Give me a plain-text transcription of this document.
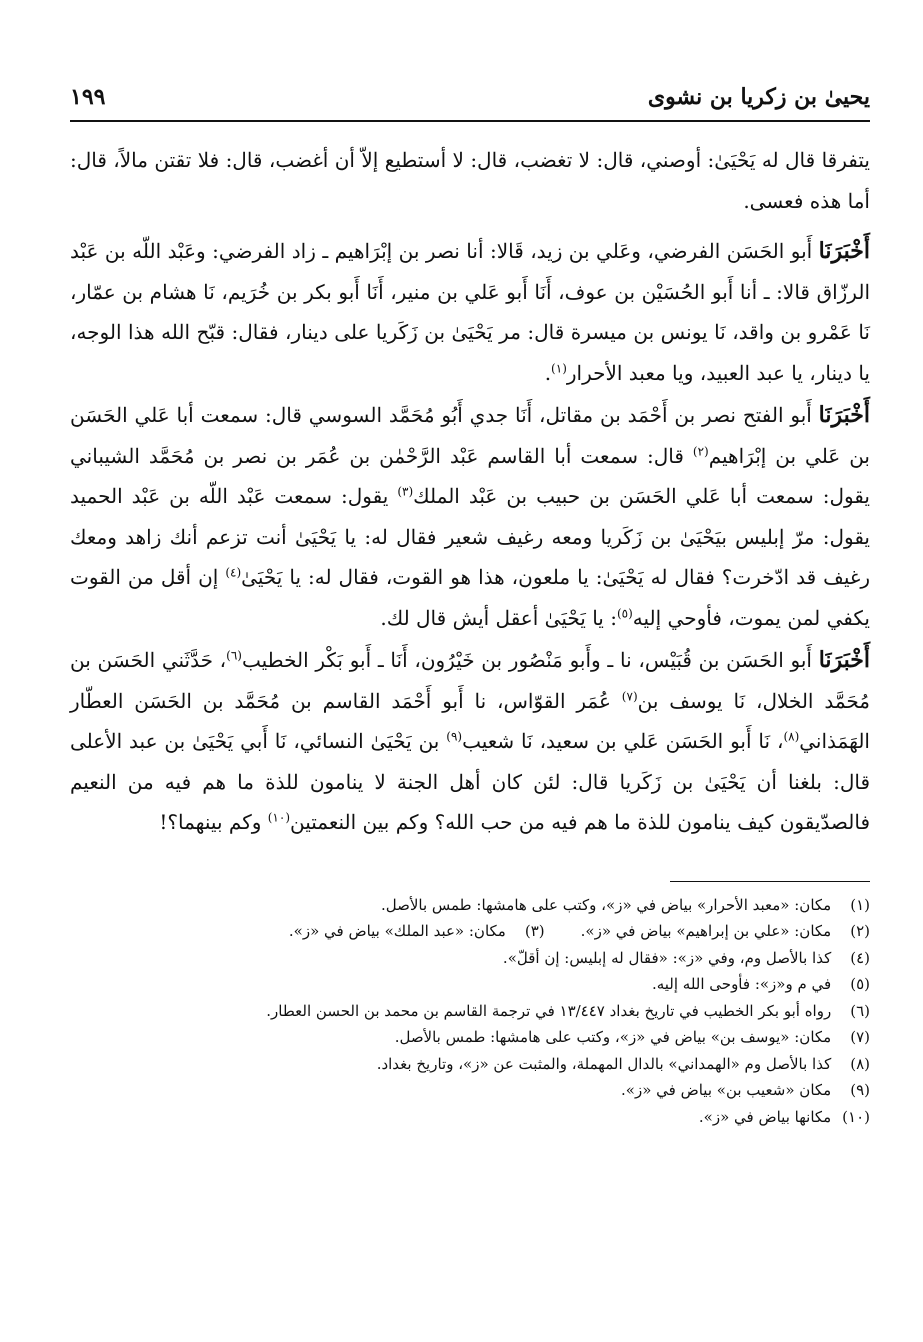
يحيىٰ بن زكريا بن نشوى
١٩٩

يتفرقا قال له يَحْيَىٰ: أوصني، قال: لا تغضب، قال: لا أستطيع إلاّ أن أغضب، قال: فلا تقتن مالاً، قال: أما هذه فعسى.

أَخْبَرَنَا أَبو الحَسَن الفرضي، وعَلي بن زيد، قَالا: أنا نصر بن إبْرَاهيم ـ زاد الفرضي: وعَبْد اللّه بن عَبْد الرزّاق قالا: ـ أنا أَبو الحُسَيْن بن عوف، أَنَا أَبو عَلي بن منير، أَنَا أَبو بكر بن خُرَيم، نَا هشام بن عمّار، نَا عَمْرو بن واقد، نَا يونس بن ميسرة قال: مر يَحْيَىٰ بن زَكَريا على دينار، فقال: قبّح الله هذا الوجه، يا دينار، يا عبد العبيد، ويا معبد الأحرار$^{(١)}$.

أَخْبَرَنَا أَبو الفتح نصر بن أَحْمَد بن مقاتل، أَنَا جدي أَبُو مُحَمَّد السوسي قال: سمعت أبا عَلي الحَسَن بن عَلي بن إبْرَاهيم$^{(٢)}$ قال: سمعت أبا القاسم عَبْد الرَّحْمٰن بن عُمَر بن نصر بن مُحَمَّد الشيباني يقول: سمعت أبا عَلي الحَسَن بن حبيب بن عَبْد الملك$^{(٣)}$ يقول: سمعت عَبْد اللّه بن عَبْد الحميد يقول: مرّ إبليس بيَحْيَىٰ بن زَكَريا ومعه رغيف شعير فقال له: يا يَحْيَىٰ أنت تزعم أنك زاهد ومعك رغيف قد ادّخرت؟ فقال له يَحْيَىٰ: يا ملعون، هذا هو القوت، فقال له: يا يَحْيَىٰ$^{(٤)}$ إن أقل من القوت يكفي لمن يموت، فأوحي إليه$^{(٥)}$: يا يَحْيَىٰ أعقل أيش قال لك.

أَخْبَرَنَا أَبو الحَسَن بن قُبَيْس، نا ـ وأَبو مَنْصُور بن خَيْرُون، أَنَا ـ أَبو بَكْر الخطيب$^{(٦)}$، حَدَّثَني الحَسَن بن مُحَمَّد الخلال، نَا يوسف بن$^{(٧)}$ عُمَر القوّاس، نا أَبو أَحْمَد القاسم بن مُحَمَّد بن الحَسَن العطّار الهَمَذاني$^{(٨)}$، نَا أَبو الحَسَن عَلي بن سعيد، نَا شعيب$^{(٩)}$ بن يَحْيَىٰ النسائي، نَا أَبي يَحْيَىٰ بن عبد الأعلى قال: بلغنا أن يَحْيَىٰ بن زَكَريا قال: لئن كان أهل الجنة لا ينامون للذة ما هم فيه من النعيم فالصدّيقون كيف ينامون للذة ما هم فيه من حب الله؟ وكم بين النعمتين$^{(١٠)}$ وكم بينهما؟!

(١) مكان: «معبد الأحرار» بياض في «ز»، وكتب على هامشها: طمس بالأصل.
(٢) مكان: «علي بن إبراهيم» بياض في «ز».(٣) مكان: «عبد الملك» بياض في «ز».
(٤) كذا بالأصل وم، وفي «ز»: «فقال له إبليس: إن أقلّ».
(٥) في م و«ز»: فأوحى الله إليه.
(٦) رواه أبو بكر الخطيب في تاريخ بغداد ١٣/٤٤٧ في ترجمة القاسم بن محمد بن الحسن العطار.
(٧) مكان: «يوسف بن» بياض في «ز»، وكتب على هامشها: طمس بالأصل.
(٨) كذا بالأصل وم «الهمداني» بالدال المهملة، والمثبت عن «ز»، وتاريخ بغداد.
(٩) مكان «شعيب بن» بياض في «ز».
(١٠) مكانها بياض في «ز».
